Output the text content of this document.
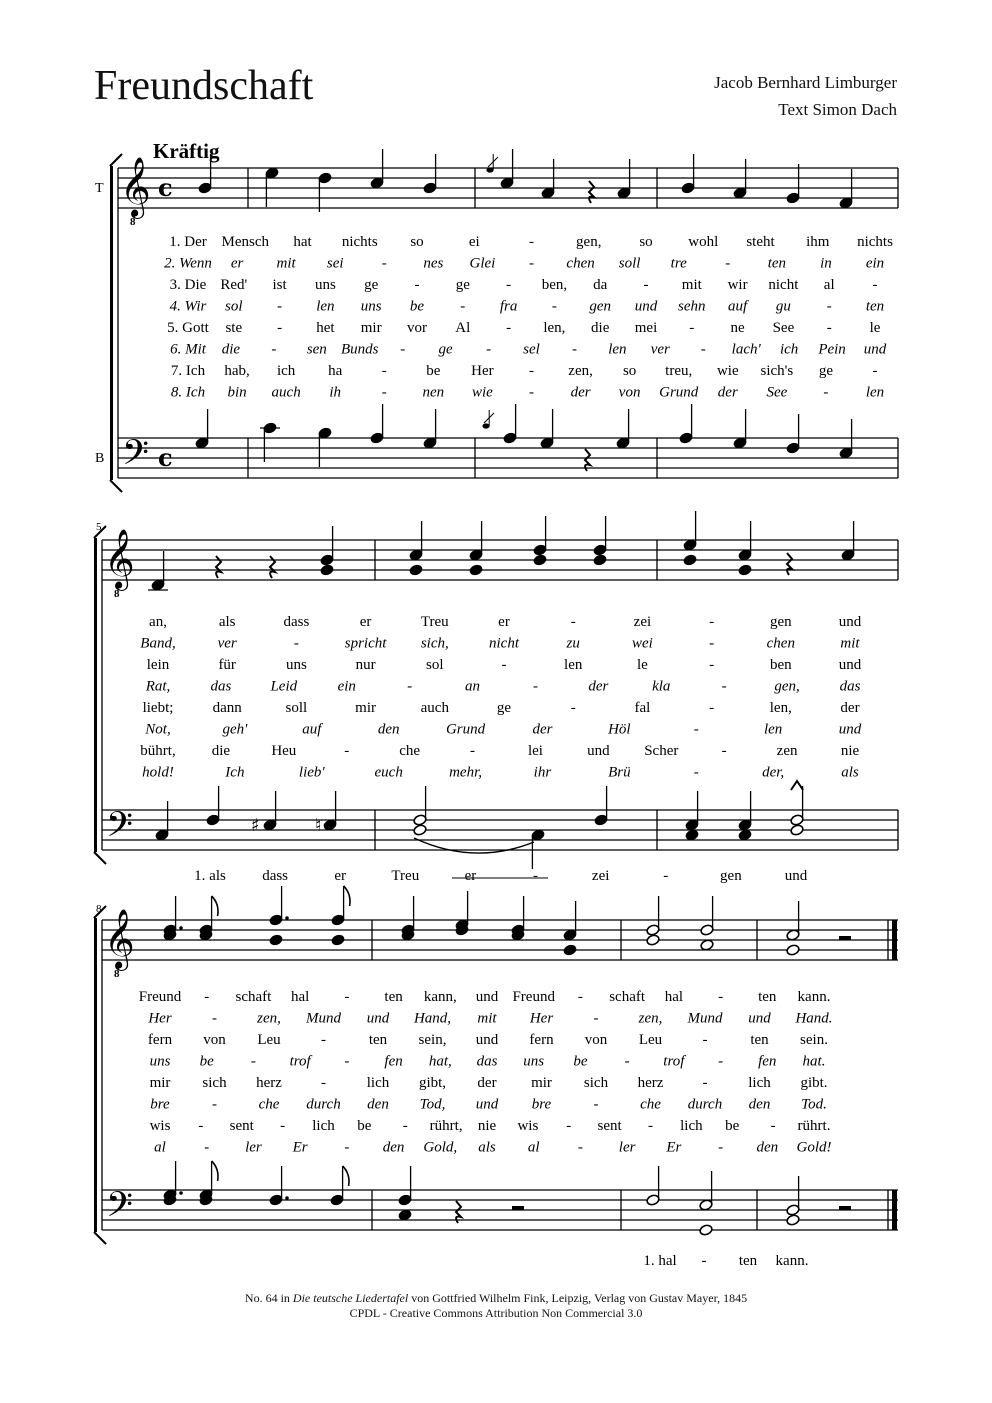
Freundschaft	Jacob Bernhard Limburger
Text Simon Dach
Kräftig
T
B
5
8
𝄞
8
𝄢
c
c
𝄞
8
𝄢
𝄞
8
𝄢
♯	♮
1. Der Mensch hat nichts so	ei	-	gen,	so wohl steht ihm nichts
2. Wenn er mit sei	- nes Glei - chen soll tre	- ten in ein
3. Die Red' ist uns ge - ge - ben, da - mit wir nicht al	-
4. Wir sol - len uns be - fra - gen und sehn auf gu - ten
5. Gott ste - het mir vor Al - len, die mei - ne See -	le
6. Mit die - sen Bunds - ge - sel - len ver - lach' ich Pein und
7. Ich hab, ich ha	-	be Her - zen, so treu, wie sich's ge	-
8. Ich bin auch ih	- nen wie - der von Grund der See - len
an,	als	dass	er	Treu	er	-	zei	-	gen	und
Band,	ver	-	spricht sich,	nicht	zu	wei	-	chen	mit
lein	für	uns	nur	sol	-	len	le	-	ben	und
Rat,	das	Leid	ein	-	an	-	der	kla	-	gen,	das
liebt;	dann	soll	mir	auch	ge	-	fal	-	len,	der
Not,	geh'	auf	den	Grund	der	Höl	-	len	und
bührt, die	Heu	-	che	-	lei	und Scher	-	zen	nie
hold!	Ich	lieb'	euch	mehr,	ihr	Brü	-	der,	als
1. als dass	er	Treu	er	-	zei	-	gen	und
Freund - schaft hal - ten kann, und Freund - schaft hal - ten kann.
Her	-	zen, Mund und Hand, mit Her	-	zen, Mund und Hand.
fern von Leu	-	ten sein, und fern von Leu	-	ten sein.
uns be - trof - fen hat, das uns be - trof - fen hat.
mir sich herz	-	lich gibt, der mir sich herz	-	lich gibt.
bre	-	che durch den Tod, und bre	-	che durch den Tod.
wis - sent - lich be - rührt, nie wis - sent - lich be - rührt.
al	- ler Er - den Gold, als al	- ler Er - den Gold!
1. hal - ten kann.
No. 64 in Die teutsche Liedertafel von Gottfried Wilhelm Fink, Leipzig, Verlag von Gustav Mayer, 1845
CPDL - Creative Commons Attribution Non Commercial 3.0
